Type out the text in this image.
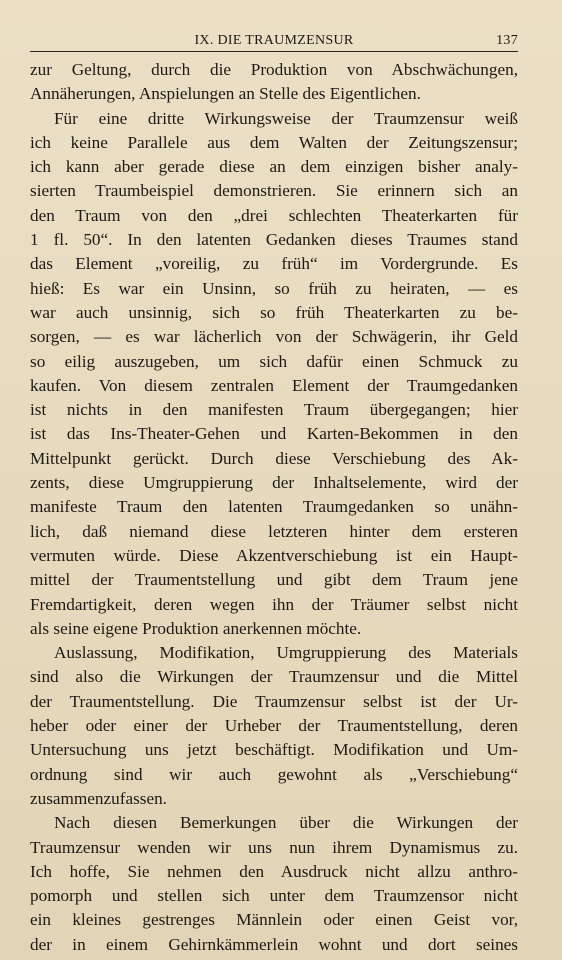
IX. DIE TRAUMZENSUR	137
zur Geltung, durch die Produktion von Abschwächungen,
Annäherungen, Anspielungen an Stelle des Eigentlichen.
Für eine dritte Wirkungsweise der Traumzensur weiß
ich keine Parallele aus dem Walten der Zeitungszensur;
ich kann aber gerade diese an dem einzigen bisher analy-
sierten Traumbeispiel demonstrieren. Sie erinnern sich an
den Traum von den „drei schlechten Theaterkarten für
1 fl. 50“. In den latenten Gedanken dieses Traumes stand
das Element „voreilig, zu früh“ im Vordergrunde. Es
hieß: Es war ein Unsinn, so früh zu heiraten, — es
war auch unsinnig, sich so früh Theaterkarten zu be-
sorgen, — es war lächerlich von der Schwägerin, ihr Geld
so eilig auszugeben, um sich dafür einen Schmuck zu
kaufen. Von diesem zentralen Element der Traumgedanken
ist nichts in den manifesten Traum übergegangen; hier
ist das Ins-Theater-Gehen und Karten-Bekommen in den
Mittelpunkt gerückt. Durch diese Verschiebung des Ak-
zents, diese Umgruppierung der Inhaltselemente, wird der
manifeste Traum den latenten Traumgedanken so unähn-
lich, daß niemand diese letzteren hinter dem ersteren
vermuten würde. Diese Akzentverschiebung ist ein Haupt-
mittel der Traumentstellung und gibt dem Traum jene
Fremdartigkeit, deren wegen ihn der Träumer selbst nicht
als seine eigene Produktion anerkennen möchte.
Auslassung, Modifikation, Umgruppierung des Materials
sind also die Wirkungen der Traumzensur und die Mittel
der Traumentstellung. Die Traumzensur selbst ist der Ur-
heber oder einer der Urheber der Traumentstellung, deren
Untersuchung uns jetzt beschäftigt. Modifikation und Um-
ordnung sind wir auch gewohnt als „Verschiebung“
zusammenzufassen.
Nach diesen Bemerkungen über die Wirkungen der
Traumzensur wenden wir uns nun ihrem Dynamismus zu.
Ich hoffe, Sie nehmen den Ausdruck nicht allzu anthro-
pomorph und stellen sich unter dem Traumzensor nicht
ein kleines gestrenges Männlein oder einen Geist vor,
der in einem Gehirnkämmerlein wohnt und dort seines
